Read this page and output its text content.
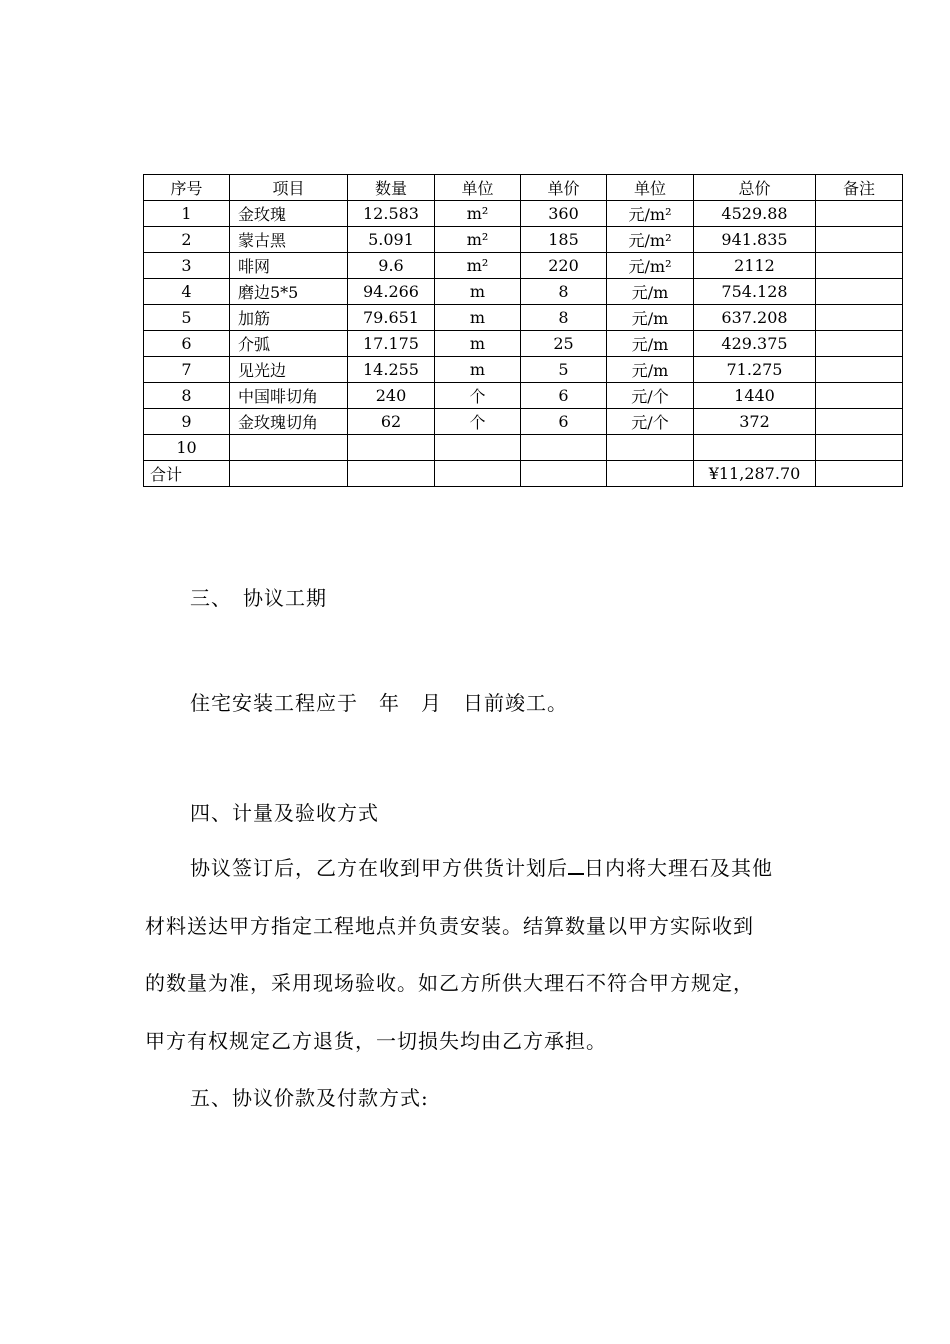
序号	项目	数量	单位	单价	单位	总价	备注
1	金玫瑰	12.583	m²	360	元/m²	4529.88	
2	蒙古黑	5.091	m²	185	元/m²	941.835	
3	啡网	9.6	m²	220	元/m²	2112	
4	磨边5*5	94.266	m	8	元/m	754.128	
5	加筋	79.651	m	8	元/m	637.208	
6	介弧	17.175	m	25	元/m	429.375	
7	见光边	14.255	m	5	元/m	71.275	
8	中国啡切角	240	个	6	元/个	1440	
9	金玫瑰切角	62	个	6	元/个	372	
10							
合计						¥11,287.70	
三、　协议工期
住宅安装工程应于　年　月　日前竣工。
四、计量及验收方式
协议签订后，乙方在收到甲方供货计划后 日内将大理石及其他
材料送达甲方指定工程地点并负责安装。结算数量以甲方实际收到
的数量为准，采用现场验收。如乙方所供大理石不符合甲方规定，
甲方有权规定乙方退货，一切损失均由乙方承担。
五、协议价款及付款方式:
